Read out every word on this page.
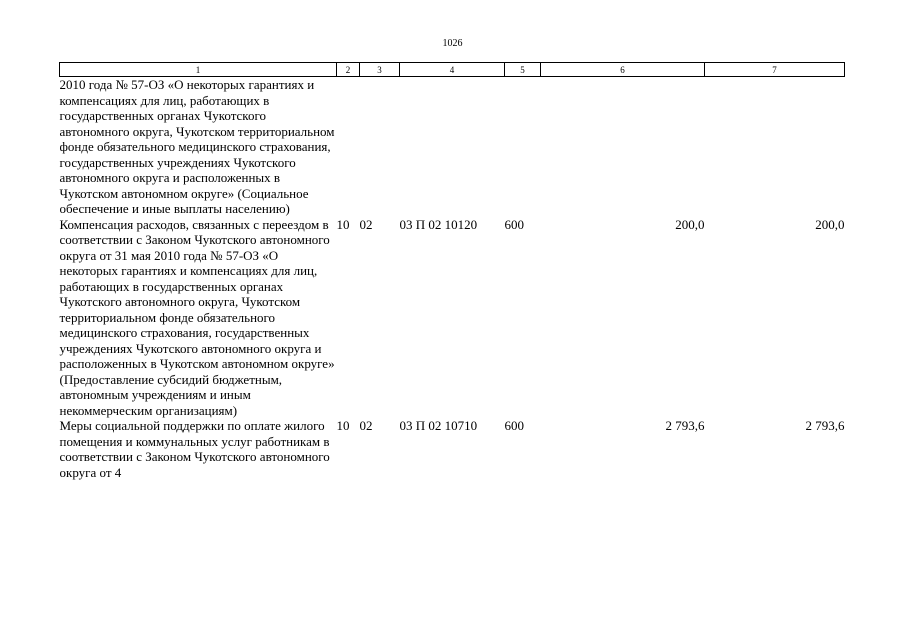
1026
1	2	3	4	5	6	7
2010 года № 57-ОЗ «О некоторых гарантиях и компенсациях для лиц, работающих в государственных органах Чукотского автономного округа, Чукотском территориальном фонде обязательного медицинского страхования, государственных учреждениях Чукотского автономного округа и расположенных в Чукотском автономном округе» (Социальное обеспечение и иные выплаты населению)						
Компенсация расходов, связанных с переездом в соответствии с Законом Чукотского автономного округа от 31 мая 2010 года № 57-ОЗ «О некоторых гарантиях и компенсациях для лиц, работающих в государственных органах Чукотского автономного округа, Чукотском территориальном фонде обязательного медицинского страхования, государственных учреждениях Чукотского автономного округа и расположенных в Чукотском автономном округе» (Предоставление субсидий бюджетным, автономным учреждениям и иным некоммерческим организациям)	10	02	03 П 02 10120	600	200,0	200,0
Меры социальной поддержки по оплате жилого помещения и коммунальных услуг работникам в соответствии с Законом Чукотского автономного округа от 4	10	02	03 П 02 10710	600	2 793,6	2 793,6
